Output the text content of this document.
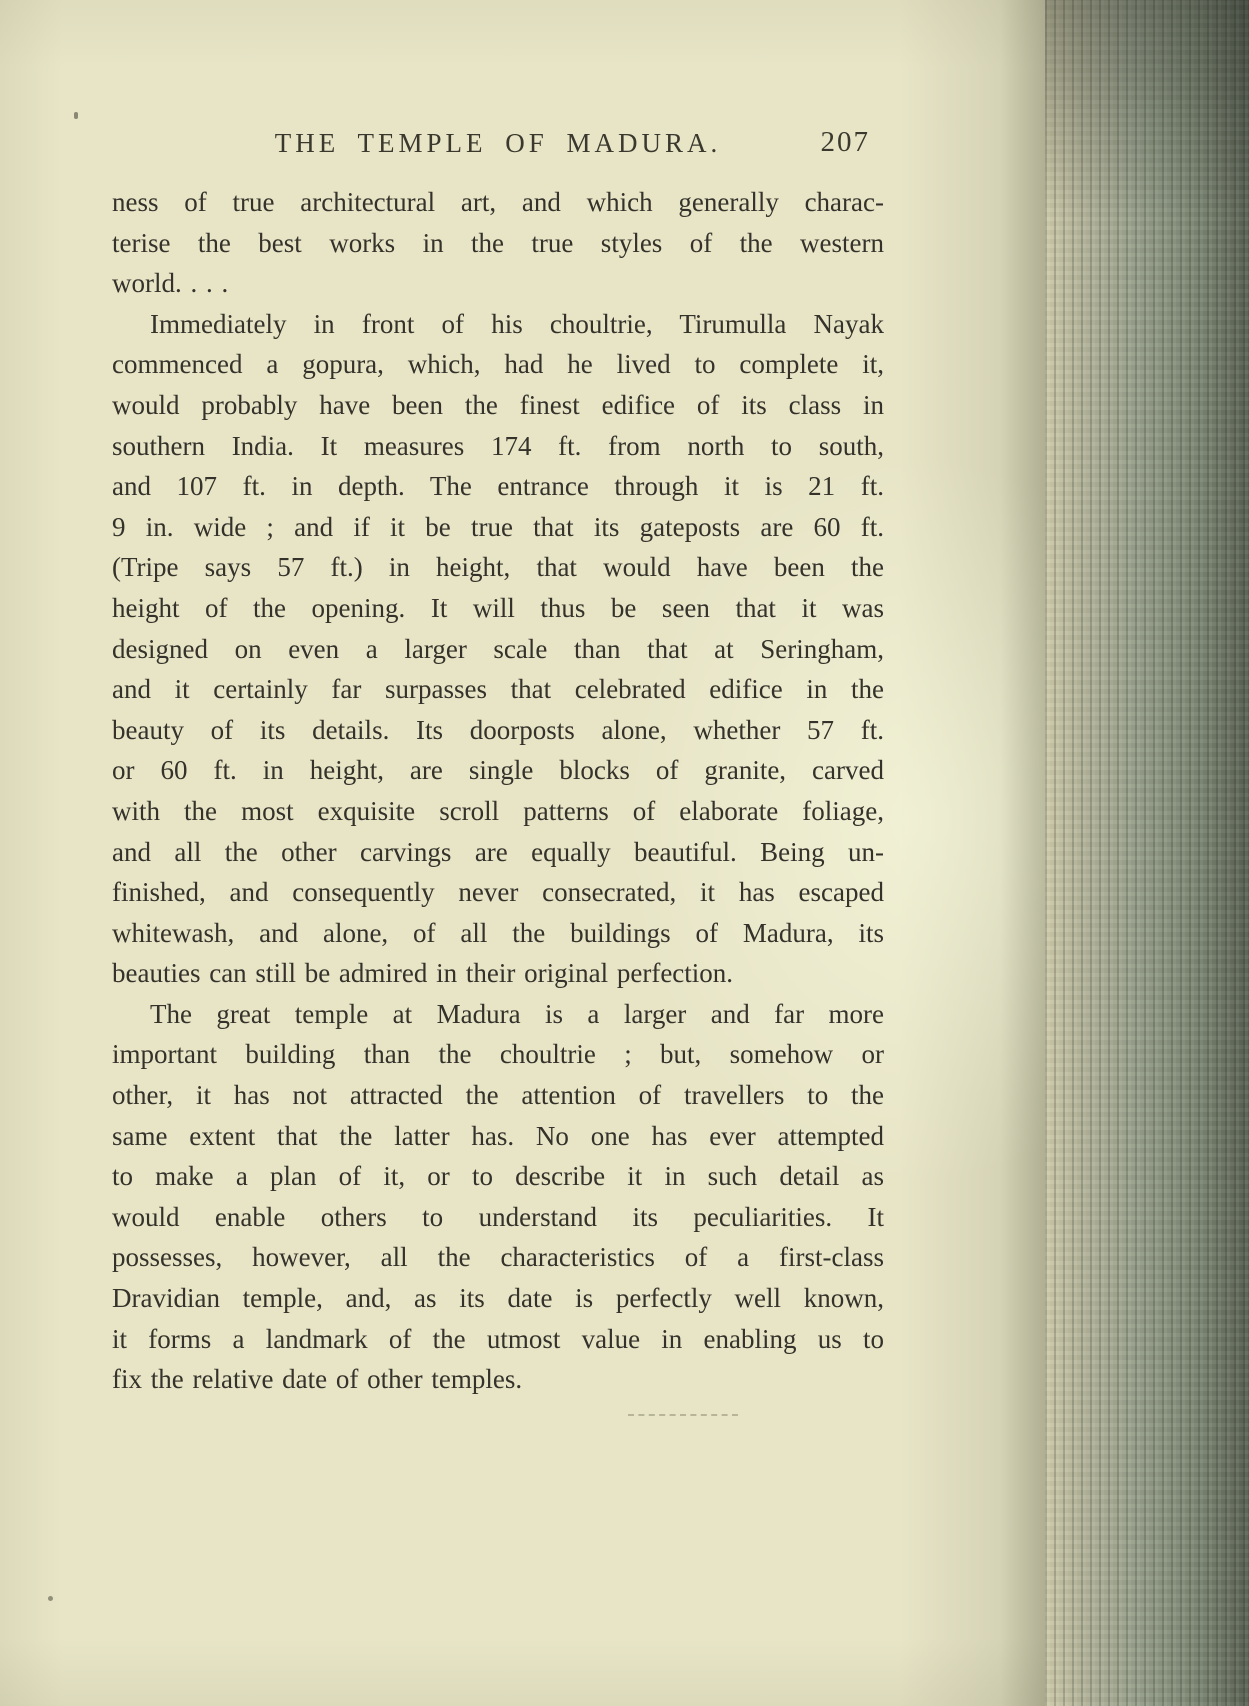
THE TEMPLE OF MADURA.	207
ness of true architectural art, and which generally charac-
terise the best works in the true styles of the western
world. . . .
Immediately in front of his choultrie, Tirumulla Nayak
commenced a gopura, which, had he lived to complete it,
would probably have been the finest edifice of its class in
southern India. It measures 174 ft. from north to south,
and 107 ft. in depth. The entrance through it is 21 ft.
9 in. wide ; and if it be true that its gateposts are 60 ft.
(Tripe says 57 ft.) in height, that would have been the
height of the opening. It will thus be seen that it was
designed on even a larger scale than that at Seringham,
and it certainly far surpasses that celebrated edifice in the
beauty of its details. Its doorposts alone, whether 57 ft.
or 60 ft. in height, are single blocks of granite, carved
with the most exquisite scroll patterns of elaborate foliage,
and all the other carvings are equally beautiful. Being un-
finished, and consequently never consecrated, it has escaped
whitewash, and alone, of all the buildings of Madura, its
beauties can still be admired in their original perfection.
The great temple at Madura is a larger and far more
important building than the choultrie ; but, somehow or
other, it has not attracted the attention of travellers to the
same extent that the latter has. No one has ever attempted
to make a plan of it, or to describe it in such detail as
would enable others to understand its peculiarities. It
possesses, however, all the characteristics of a first-class
Dravidian temple, and, as its date is perfectly well known,
it forms a landmark of the utmost value in enabling us to
fix the relative date of other temples.
